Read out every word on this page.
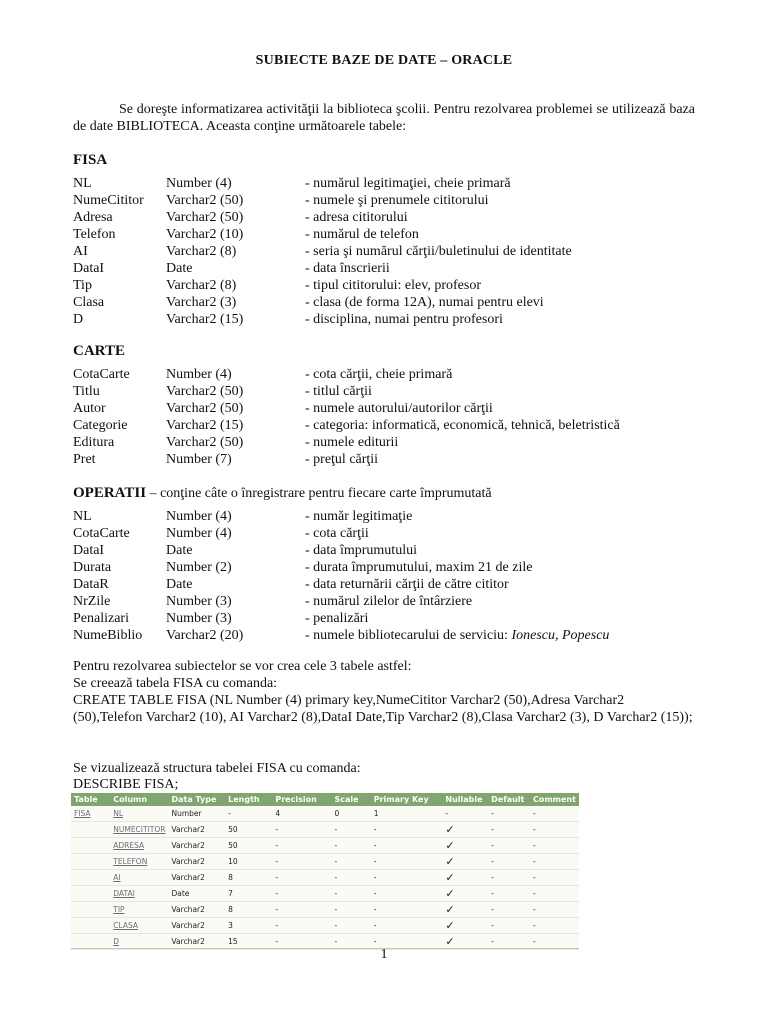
SUBIECTE BAZE DE DATE – ORACLE
Se doreşte informatizarea activităţii la biblioteca şcolii. Pentru rezolvarea problemei se utilizează baza de date BIBLIOTECA. Aceasta conţine următoarele tabele:
FISA
NL	Number (4)	- numărul legitimaţiei, cheie primară
NumeCititor Varchar2 (50)	- numele şi prenumele cititorului
Adresa	Varchar2 (50)	- adresa cititorului
Telefon	Varchar2 (10)	- numărul de telefon
AI	Varchar2 (8)	- seria şi numărul cărţii/buletinului de identitate
DataI	Date	- data înscrierii
Tip	Varchar2 (8)	- tipul cititorului: elev, profesor
Clasa	Varchar2 (3)	- clasa (de forma 12A), numai pentru elevi
D	Varchar2 (15)	- disciplina, numai pentru profesori
CARTE
CotaCarte	Number (4)	- cota cărţii, cheie primară
Titlu	Varchar2 (50)	- titlul cărţii
Autor	Varchar2 (50)	- numele autorului/autorilor cărţii
Categorie	Varchar2 (15)	- categoria: informatică, economică, tehnică, beletristică
Editura	Varchar2 (50)	- numele editurii
Pret	Number (7)	- preţul cărţii
OPERATII – conţine câte o înregistrare pentru fiecare carte împrumutată
NL	Number (4)	- număr legitimaţie
CotaCarte	Number (4)	- cota cărţii
DataI	Date	- data împrumutului
Durata	Number (2)	- durata împrumutului, maxim 21 de zile
DataR	Date	- data returnării cărţii de către cititor
NrZile	Number (3)	- numărul zilelor de întârziere
Penalizari	Number (3)	- penalizări
NumeBiblio Varchar2 (20)	- numele bibliotecarului de serviciu: Ionescu, Popescu
Pentru rezolvarea subiectelor se vor crea cele 3 tabele astfel:
Se creează tabela FISA cu comanda:
CREATE TABLE FISA (NL Number (4) primary key,NumeCititor Varchar2 (50),Adresa Varchar2 (50),Telefon Varchar2 (10), AI Varchar2 (8),DataI Date,Tip Varchar2 (8),Clasa Varchar2 (3), D Varchar2 (15));
Se vizualizează structura tabelei FISA cu comanda:
DESCRIBE FISA;
Table	Column	Data Type	Length	Precision	Scale	Primary Key	Nullable	Default	Comment
FISA	NL	Number	-	4	0	1	-	-	-
	NUMECITITOR	Varchar2	50	-	-	-	✓	-	-
	ADRESA	Varchar2	50	-	-	-	✓	-	-
	TELEFON	Varchar2	10	-	-	-	✓	-	-
	AI	Varchar2	8	-	-	-	✓	-	-
	DATAI	Date	7	-	-	-	✓	-	-
	TIP	Varchar2	8	-	-	-	✓	-	-
	CLASA	Varchar2	3	-	-	-	✓	-	-
	D	Varchar2	15	-	-	-	✓	-	-
1
